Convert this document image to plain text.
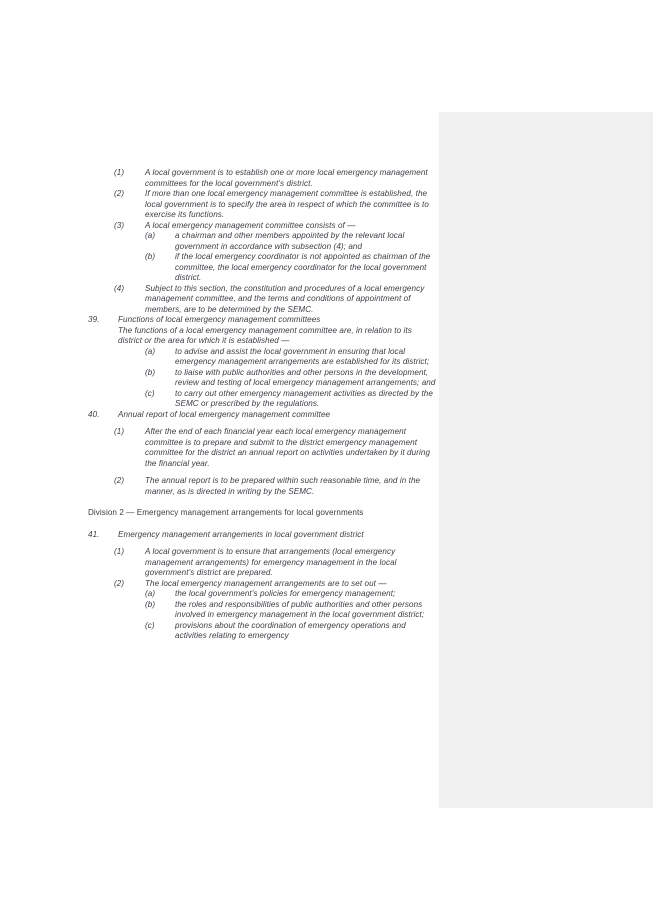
(1)	A local government is to establish one or more local emergency management committees for the local government’s district.
(2)	If more than one local emergency management committee is established, the local government is to specify the area in respect of which the committee is to exercise its functions.
(3)	A local emergency management committee consists of —
(a)	a chairman and other members appointed by the relevant local government in accordance with subsection (4); and
(b)	if the local emergency coordinator is not appointed as chairman of the committee, the local emergency coordinator for the local government district.
(4)	Subject to this section, the constitution and procedures of a local emergency management committee, and the terms and conditions of appointment of members, are to be determined by the SEMC.
39.	Functions of local emergency management committees
The functions of a local emergency management committee are, in relation to its district or the area for which it is established —
(a)	to advise and assist the local government in ensuring that local emergency management arrangements are established for its district;
(b)	to liaise with public authorities and other persons in the development, review and testing of local emergency management arrangements; and
(c)	to carry out other emergency management activities as directed by the SEMC or prescribed by the regulations.
40.	Annual report of local emergency management committee
(1)	After the end of each financial year each local emergency management committee is to prepare and submit to the district emergency management committee for the district an annual report on activities undertaken by it during the financial year.
(2)	The annual report is to be prepared within such reasonable time, and in the manner, as is directed in writing by the SEMC.
Division 2 — Emergency management arrangements for local governments
41.	Emergency management arrangements in local government district
(1)	A local government is to ensure that arrangements (local emergency management arrangements) for emergency management in the local government’s district are prepared.
(2)	The local emergency management arrangements are to set out —
(a)	the local government’s policies for emergency management;
(b)	the roles and responsibilities of public authorities and other persons involved in emergency management in the local government district;
(c)	provisions about the coordination of emergency operations and activities relating to emergency
